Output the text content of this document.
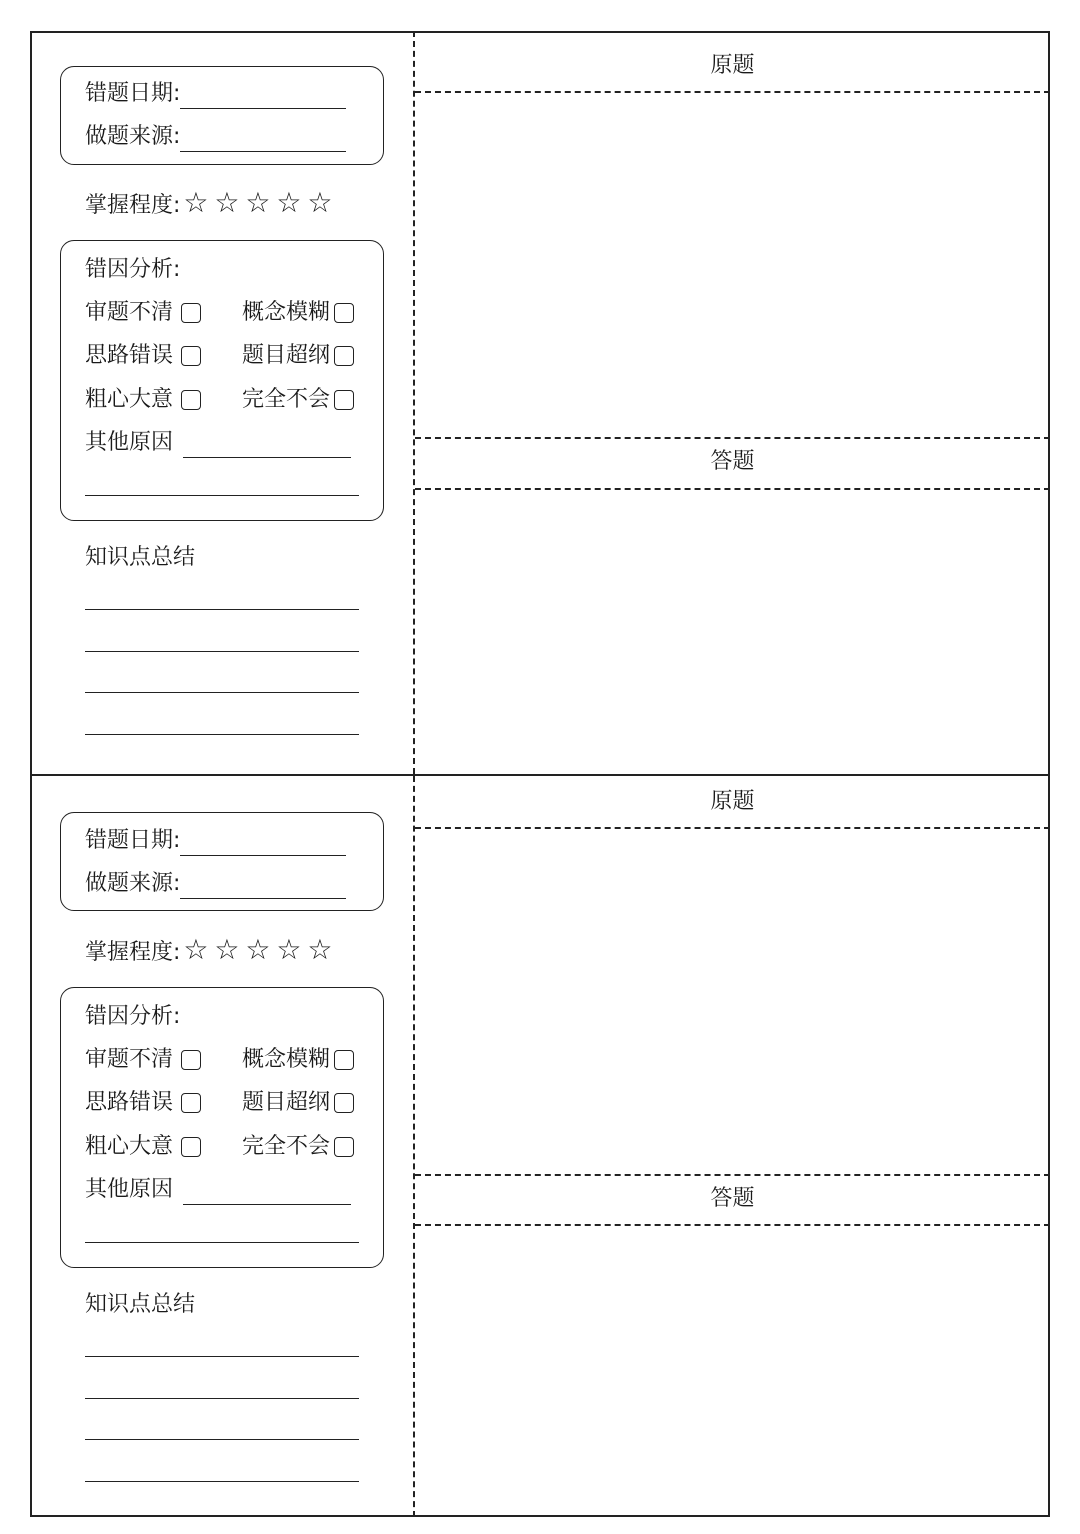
错题日期:
做题来源:
掌握程度: ☆ ☆ ☆ ☆ ☆
错因分析:
审题不清	概念模糊
思路错误	题目超纲
粗心大意	完全不会
其他原因
知识点总结
原题
答题
错题日期:
做题来源:
掌握程度: ☆ ☆ ☆ ☆ ☆
错因分析:
审题不清	概念模糊
思路错误	题目超纲
粗心大意	完全不会
其他原因
知识点总结
原题
答题
